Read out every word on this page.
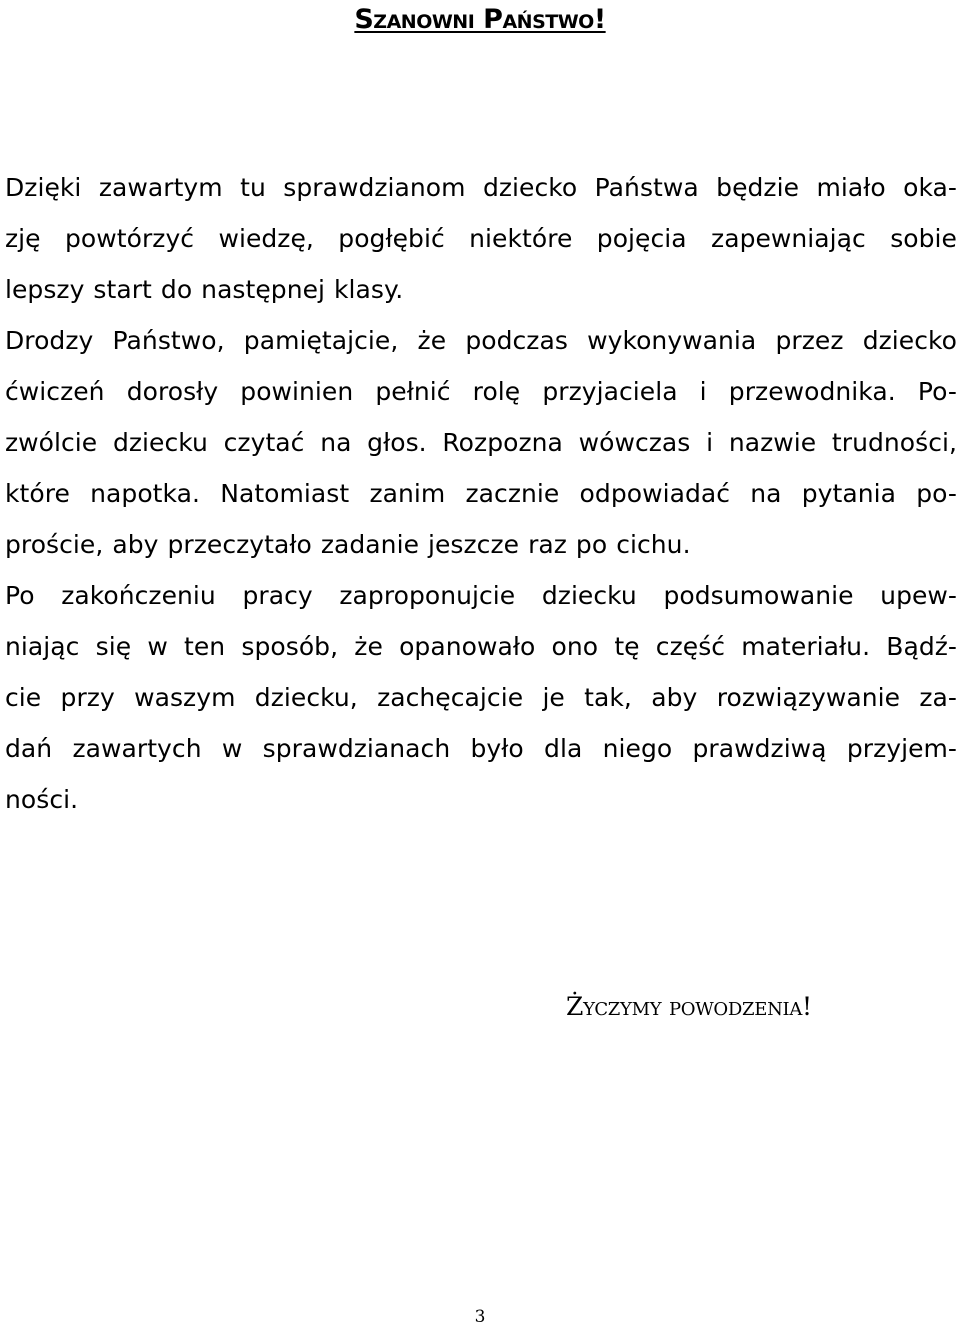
Szanowni Państwo!
Dzięki zawartym tu sprawdzianom dziecko Państwa będzie miało oka-
zję powtórzyć wiedzę, pogłębić niektóre pojęcia zapewniając sobie
lepszy start do następnej klasy.
Drodzy Państwo, pamiętajcie, że podczas wykonywania przez dziecko
ćwiczeń dorosły powinien pełnić rolę przyjaciela i przewodnika. Po-
zwólcie dziecku czytać na głos. Rozpozna wówczas i nazwie trudności,
które napotka. Natomiast zanim zacznie odpowiadać na pytania po-
proście, aby przeczytało zadanie jeszcze raz po cichu.
Po zakończeniu pracy zaproponujcie dziecku podsumowanie upew-
niając się w ten sposób, że opanowało ono tę część materiału. Bądź-
cie przy waszym dziecku, zachęcajcie je tak, aby rozwiązywanie za-
dań zawartych w sprawdzianach było dla niego prawdziwą przyjem-
ności.
Życzymy powodzenia!
3
